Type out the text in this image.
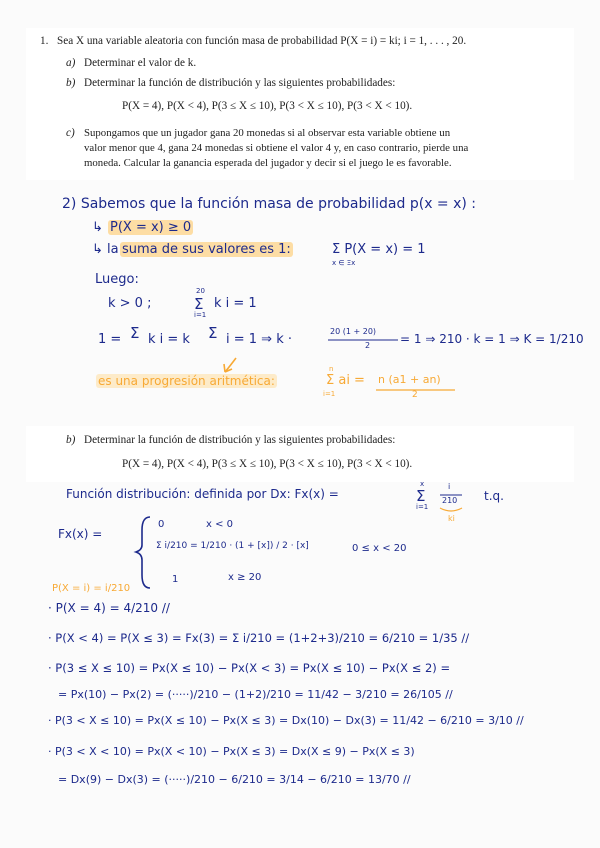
1. Sea X una variable aleatoria con función masa de probabilidad P(X = i) = ki; i = 1, . . . , 20.
a) Determinar el valor de k.
b) Determinar la función de distribución y las siguientes probabilidades:
P(X = 4), P(X < 4), P(3 ≤ X ≤ 10), P(3 < X ≤ 10), P(3 < X < 10).
c) Supongamos que un jugador gana 20 monedas si al observar esta variable obtiene un
valor menor que 4, gana 24 monedas si obtiene el valor 4 y, en caso contrario, pierde una
moneda. Calcular la ganancia esperada del jugador y decir si el juego le es favorable.
2) Sabemos que la función masa de probabilidad p(x = x) :
↳ P(X = x) ≥ 0
↳ la suma de sus valores es 1:	Σ P(X = x) = 1
x ∈ Ξx
Luego:
k > 0 ;
20
Σ
i=1
k i = 1
1 = Σ k i = k Σ i = 1 ⇒ k ·
20 (1 + 20)
2 = 1 ⇒ 210 · k = 1 ⇒ K = 1/210
es una progresión aritmética:
n
Σ ai =
i=1
n (a1 + an)
2
b) Determinar la función de distribución y las siguientes probabilidades:
P(X = 4), P(X < 4), P(3 ≤ X ≤ 10), P(3 < X ≤ 10), P(3 < X < 10).
Función distribución: definida por Dx: Fx(x) =
x
Σ
i=1
i
210 t.q.
ki
Fx(x) =
0	x < 0
Σ i/210 = 1/210 · (1 + [x]) / 2 · [x]	0 ≤ x < 20
1	x ≥ 20
P(X = i) = i/210
· P(X = 4) = 4/210 //
· P(X < 4) = P(X ≤ 3) = Fx(3) = Σ i/210 = (1+2+3)/210 = 6/210 = 1/35 //
· P(3 ≤ X ≤ 10) = Px(X ≤ 10) − Px(X < 3) = Px(X ≤ 10) − Px(X ≤ 2) =
= Px(10) − Px(2) = (·····)/210 − (1+2)/210 = 11/42 − 3/210 = 26/105 //
· P(3 < X ≤ 10) = Px(X ≤ 10) − Px(X ≤ 3) = Dx(10) − Dx(3) = 11/42 − 6/210 = 3/10 //
· P(3 < X < 10) = Px(X < 10) − Px(X ≤ 3) = Dx(X ≤ 9) − Px(X ≤ 3)
= Dx(9) − Dx(3) = (·····)/210 − 6/210 = 3/14 − 6/210 = 13/70 //
